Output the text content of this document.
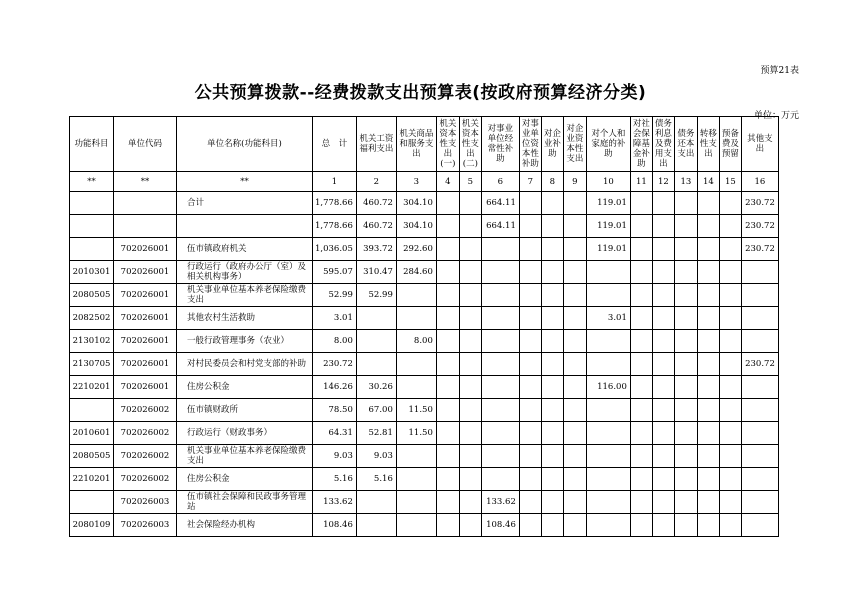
预算21表
公共预算拨款--经费拨款支出预算表(按政府预算经济分类)
单位：万元
功能科目	单位代码	单位名称(功能科目)	总　计	机关工资福利支出	机关商品和服务支出	机关资本性支出(一)	机关资本性支出(二)	对事业单位经常性补助	对事业单位资本性补助	对企业补助	对企业资本性支出	对个人和家庭的补助	对社会保障基金补助	债务利息及费用支出	债务还本支出	转移性支出	预备费及预留	其他支出
**	**	**	1	2	3	4	5	6	7	8	9	10	11	12	13	14	15	16
		合计	1,778.66	460.72	304.10			664.11				119.01						230.72
			1,778.66	460.72	304.10			664.11				119.01						230.72
	702026001	伍市镇政府机关	1,036.05	393.72	292.60							119.01						230.72
2010301	702026001	行政运行（政府办公厅（室）及相关机构事务）	595.07	310.47	284.60													
2080505	702026001	机关事业单位基本养老保险缴费支出	52.99	52.99														
2082502	702026001	其他农村生活救助	3.01									3.01						
2130102	702026001	一般行政管理事务（农业）	8.00		8.00													
2130705	702026001	对村民委员会和村党支部的补助	230.72															230.72
2210201	702026001	住房公积金	146.26	30.26								116.00						
	702026002	伍市镇财政所	78.50	67.00	11.50													
2010601	702026002	行政运行（财政事务）	64.31	52.81	11.50													
2080505	702026002	机关事业单位基本养老保险缴费支出	9.03	9.03														
2210201	702026002	住房公积金	5.16	5.16														
	702026003	伍市镇社会保障和民政事务管理站	133.62					133.62										
2080109	702026003	社会保险经办机构	108.46					108.46										
